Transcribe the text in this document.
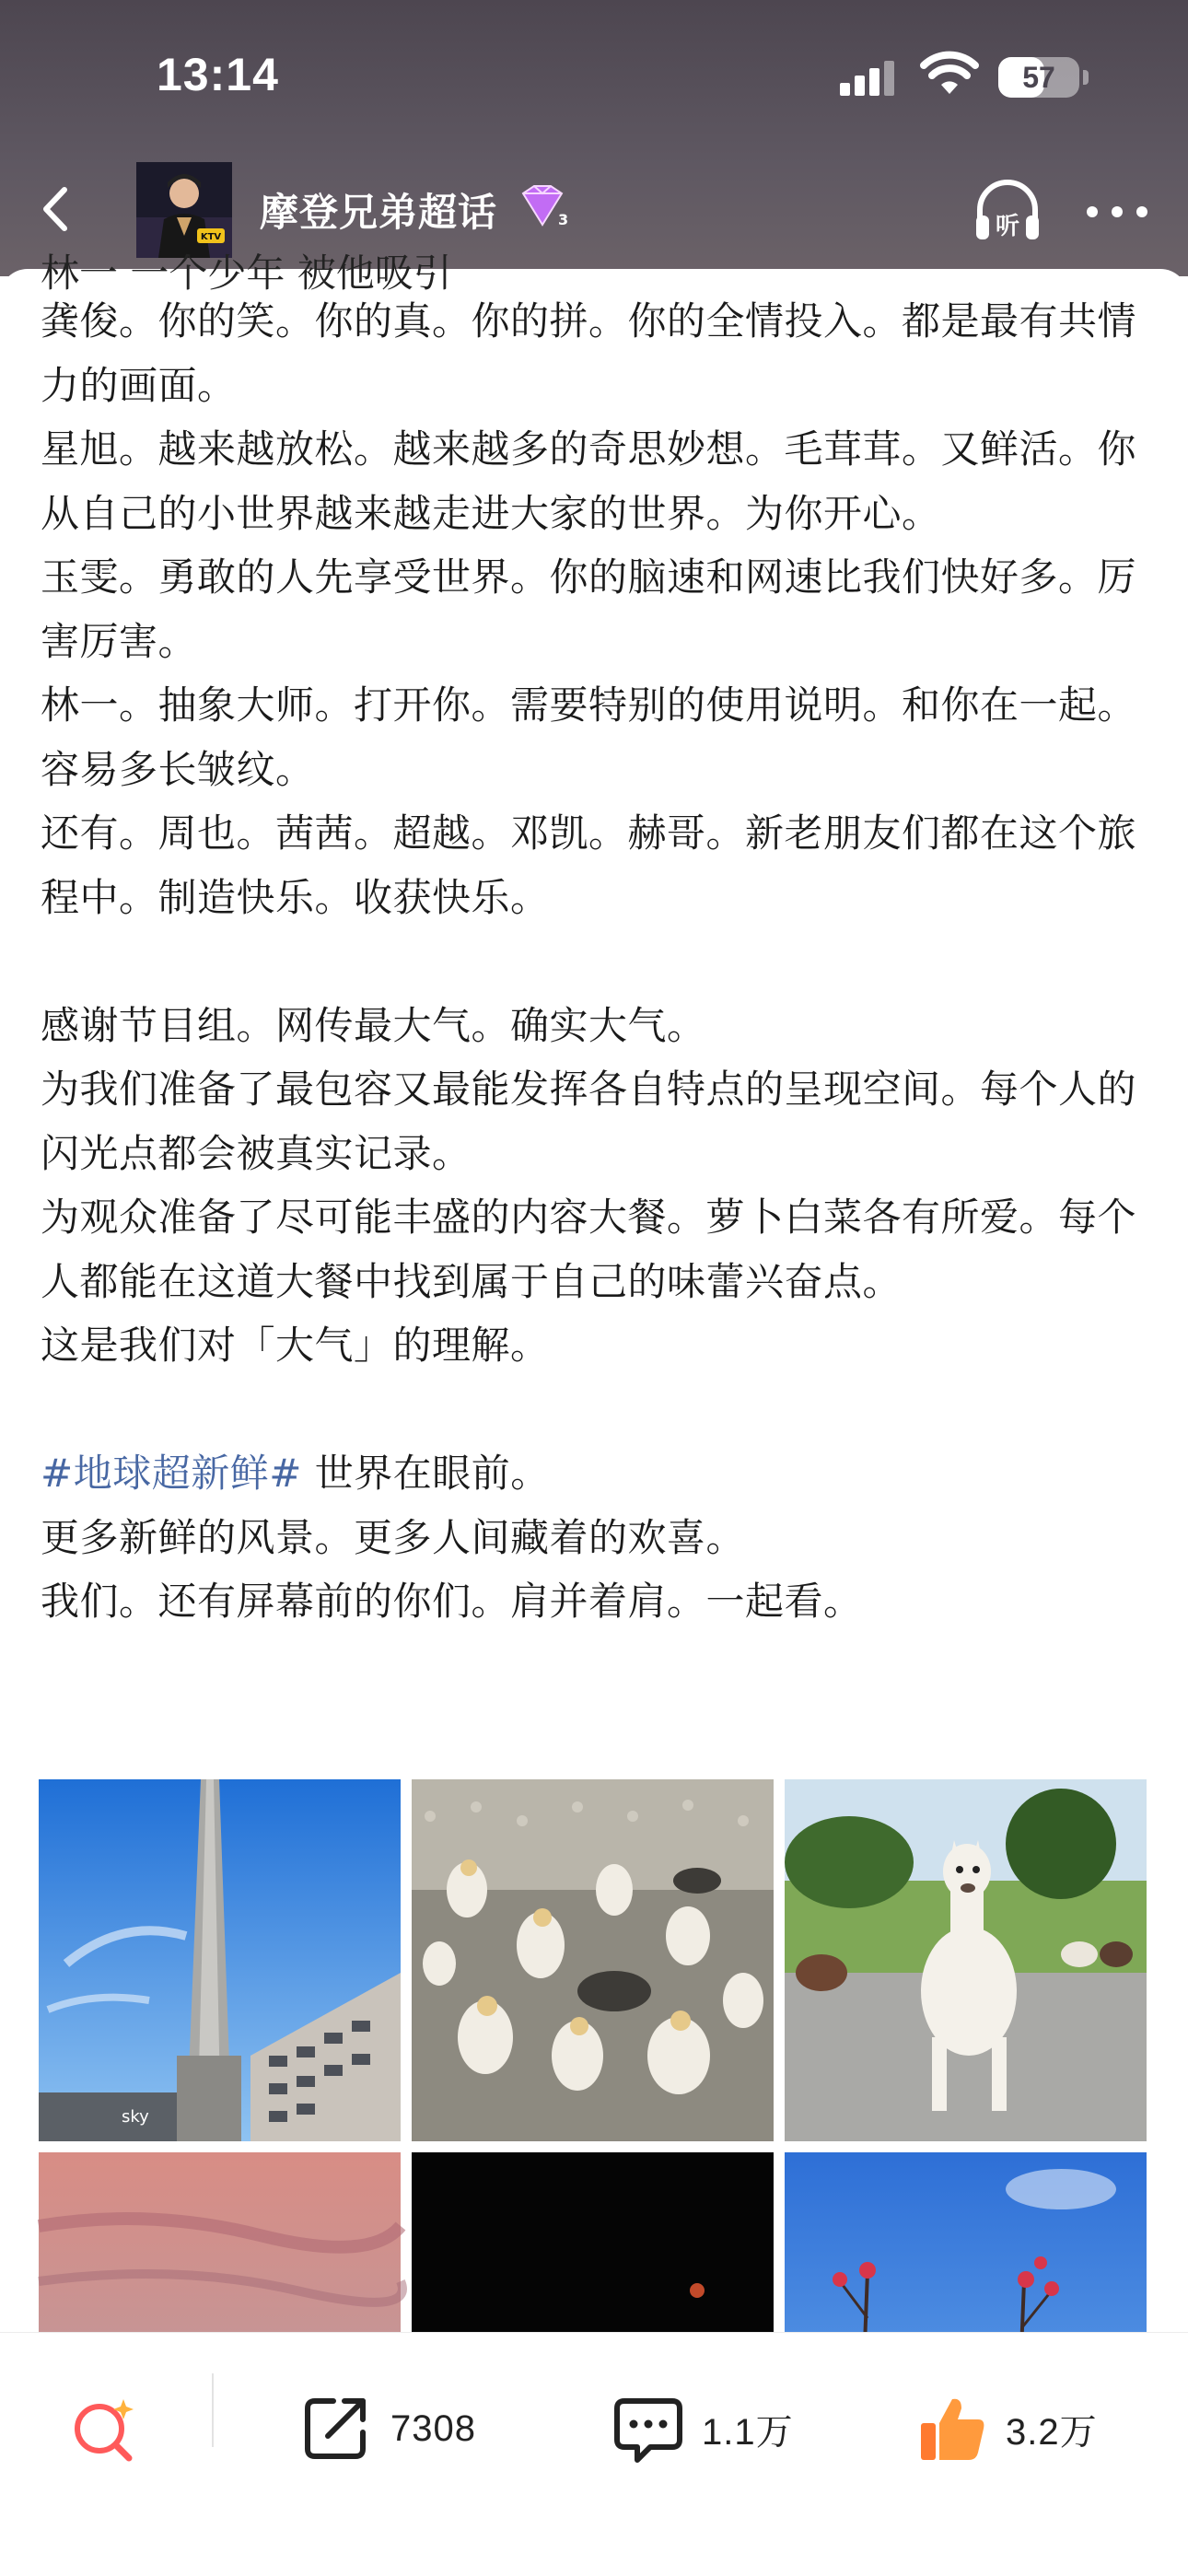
13:14	57
KTV
摩登兄弟超话	3	听
林一 一个少年 被他吸引

龚俊。你的笑。你的真。你的拼。你的全情投入。都是最有共情力的画面。

星旭。越来越放松。越来越多的奇思妙想。毛茸茸。又鲜活。你从自己的小世界越来越走进大家的世界。为你开心。

玉雯。勇敢的人先享受世界。你的脑速和网速比我们快好多。厉害厉害。

林一。抽象大师。打开你。需要特别的使用说明。和你在一起。容易多长皱纹。

还有。周也。茜茜。超越。邓凯。赫哥。新老朋友们都在这个旅程中。制造快乐。收获快乐。

感谢节目组。网传最大气。确实大气。

为我们准备了最包容又最能发挥各自特点的呈现空间。每个人的闪光点都会被真实记录。

为观众准备了尽可能丰盛的内容大餐。萝卜白菜各有所爱。每个人都能在这道大餐中找到属于自己的味蕾兴奋点。

这是我们对「大气」的理解。

#地球超新鲜# 世界在眼前。

更多新鲜的风景。更多人间藏着的欢喜。

我们。还有屏幕前的你们。肩并着肩。一起看。

sky
7308	1.1万	3.2万
